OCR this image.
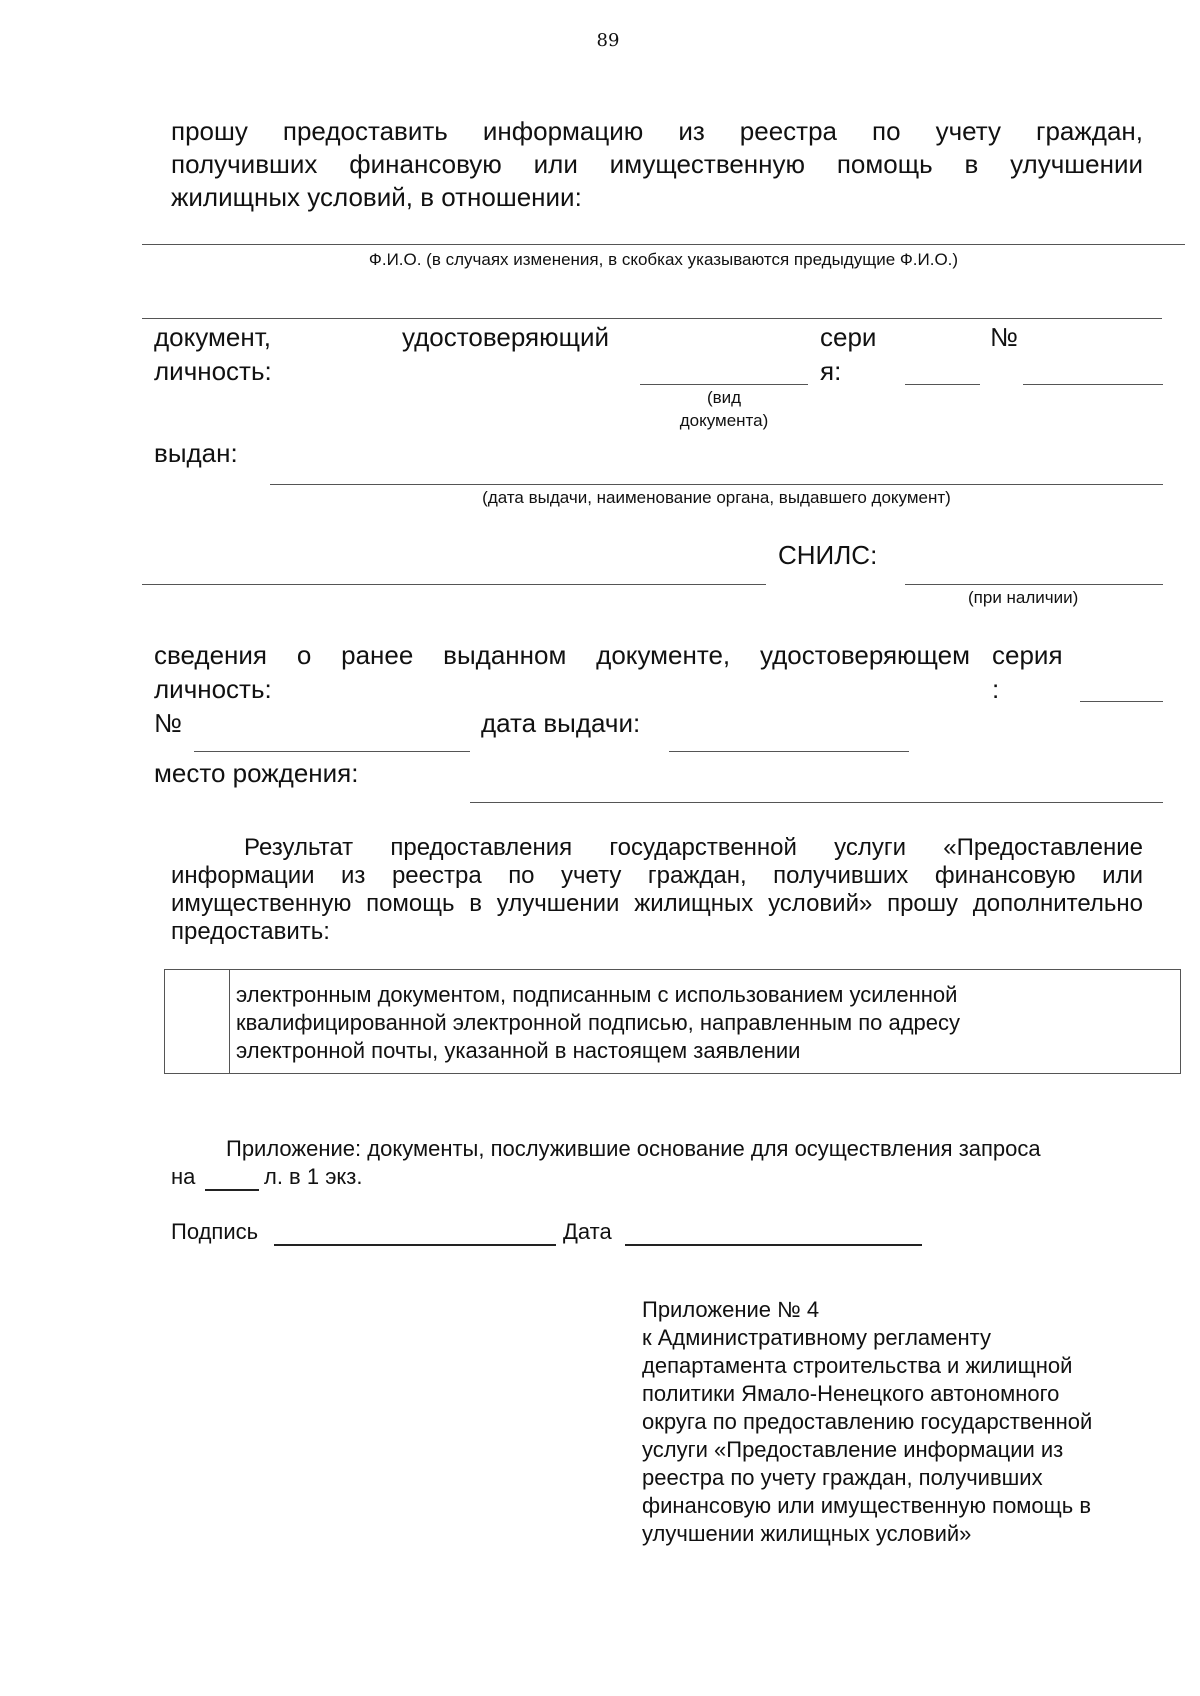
89
прошу предоставить информацию из реестра по учету граждан,
получивших финансовую или имущественную помощь в улучшении
жилищных условий, в отношении:
Ф.И.О. (в случаях изменения, в скобках указываются предыдущие Ф.И.О.)
документ,	удостоверяющий
личность:
сери
я:
№
(вид
документа)
выдан:
(дата выдачи, наименование органа, выдавшего документ)
СНИЛС:
(при наличии)
сведения о ранее выданном документе, удостоверяющем
личность:
серия
:
№	дата выдачи:
место рождения:
Результат предоставления государственной услуги «Предоставление
информации из реестра по учету граждан, получивших финансовую или
имущественную помощь в улучшении жилищных условий» прошу дополнительно
предоставить:
электронным документом, подписанным с использованием усиленной
квалифицированной электронной подписью, направленным по адресу
электронной почты, указанной в настоящем заявлении
Приложение: документы, послужившие основание для осуществления запроса
на	л. в 1 экз.
Подпись	Дата
Приложение № 4
к Административному регламенту
департамента строительства и жилищной
политики Ямало-Ненецкого автономного
округа по предоставлению государственной
услуги «Предоставление информации из
реестра по учету граждан, получивших
финансовую или имущественную помощь в
улучшении жилищных условий»
